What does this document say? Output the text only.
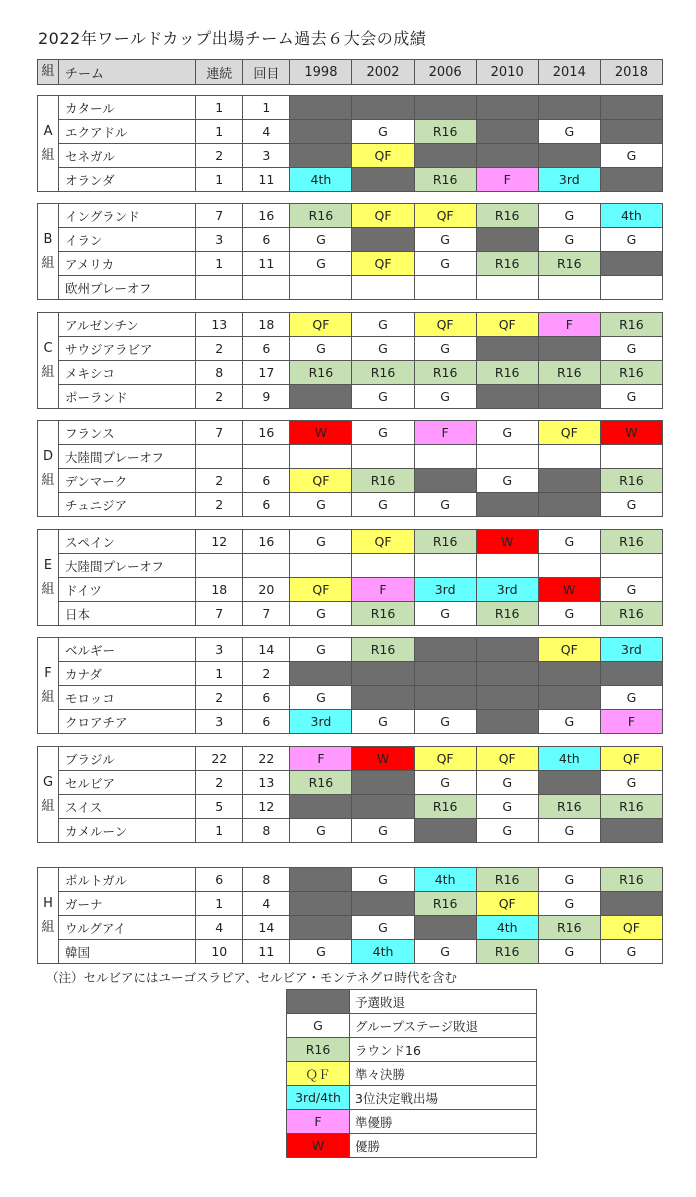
2022年ワールドカップ出場チーム過去６大会の成績
組	チーム	連続	回目	1998	2002	2006	2010	2014	2018
A組	カタール	1	1						
	エクアドル	1	4		G	R16		G	
	セネガル	2	3		QF				G
	オランダ	1	11	4th		R16	F	3rd	
B組	イングランド	7	16	R16	QF	QF	R16	G	4th
	イラン	3	6	G		G		G	G
	アメリカ	1	11	G	QF	G	R16	R16	
	欧州プレーオフ								
C組	アルゼンチン	13	18	QF	G	QF	QF	F	R16
	サウジアラビア	2	6	G	G	G			G
	メキシコ	8	17	R16	R16	R16	R16	R16	R16
	ポーランド	2	9		G	G			G
D組	フランス	7	16	W	G	F	G	QF	W
	大陸間プレーオフ								
	デンマーク	2	6	QF	R16		G		R16
	チュニジア	2	6	G	G	G			G
E組	スペイン	12	16	G	QF	R16	W	G	R16
	大陸間プレーオフ								
	ドイツ	18	20	QF	F	3rd	3rd	W	G
	日本	7	7	G	R16	G	R16	G	R16
F組	ベルギー	3	14	G	R16			QF	3rd
	カナダ	1	2						
	モロッコ	2	6	G					G
	クロアチア	3	6	3rd	G	G		G	F
G組	ブラジル	22	22	F	W	QF	QF	4th	QF
	セルビア	2	13	R16		G	G		G
	スイス	5	12			R16	G	R16	R16
	カメルーン	1	8	G	G		G	G	
H組	ポルトガル	6	8		G	4th	R16	G	R16
	ガーナ	1	4			R16	QF	G	
	ウルグアイ	4	14		G		4th	R16	QF
	韓国	10	11	G	4th	G	R16	G	G
（注）セルビアにはユーゴスラビア、セルビア・モンテネグロ時代を含む
	予選敗退
G	グループステージ敗退
R16	ラウンド16
ＱＦ	準々決勝
3rd/4th	3位決定戦出場
F	準優勝
W	優勝
